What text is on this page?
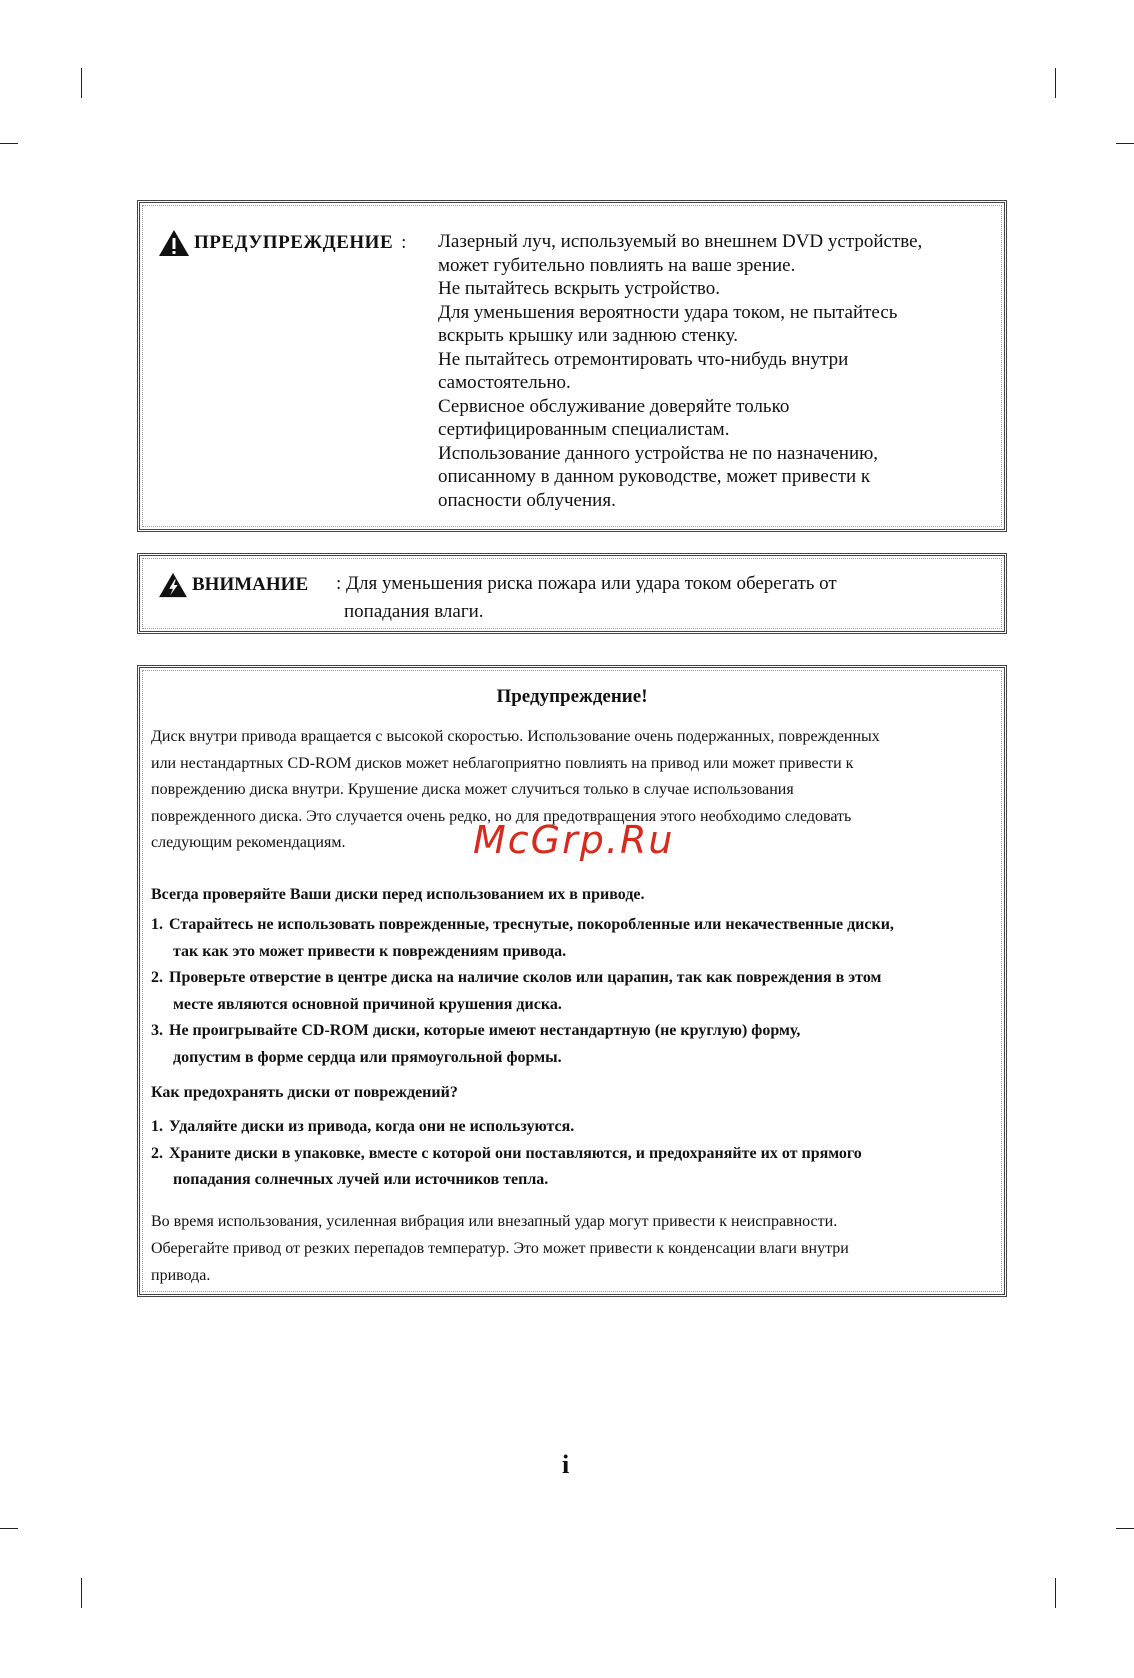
ПРЕДУПРЕЖДЕНИЕ : Лазерный луч, используемый во внешнем DVD устройстве,
может губительно повлиять на ваше зрение.
Не пытайтесь вскрыть устройство.
Для уменьшения вероятности удара током, не пытайтесь
вскрыть крышку или заднюю стенку.
Не пытайтесь отремонтировать что-нибудь внутри
самостоятельно.
Сервисное обслуживание доверяйте только
сертифицированным специалистам.
Использование данного устройства не по назначению,
описанному в данном руководстве, может привести к
опасности облучения.
ВНИМАНИЕ : Для уменьшения риска пожара или удара током оберегать от
попадания влаги.
Предупреждение!
Диск внутри привода вращается с высокой скоростью. Использование очень подержанных, поврежденных
или нестандартных CD-ROM дисков может неблагоприятно повлиять на привод или может привести к
повреждению диска внутри. Крушение диска может случиться только в случае использования
поврежденного диска. Это случается очень редко, но для предотвращения этого необходимо следовать
следующим рекомендациям.
Всегда проверяйте Ваши диски перед использованием их в приводе.
1. Старайтесь не использовать поврежденные, треснутые, покоробленные или некачественные диски,
так как это может привести к повреждениям привода.
2. Проверьте отверстие в центре диска на наличие сколов или царапин, так как повреждения в этом
месте являются основной причиной крушения диска.
3. Не проигрывайте CD-ROM диски, которые имеют нестандартную (не круглую) форму,
допустим в форме сердца или прямоугольной формы.
Как предохранять диски от повреждений?
1. Удаляйте диски из привода, когда они не используются.
2. Храните диски в упаковке, вместе с которой они поставляются, и предохраняйте их от прямого
попадания солнечных лучей или источников тепла.
Во время использования, усиленная вибрация или внезапный удар могут привести к неисправности.
Оберегайте привод от резких перепадов температур. Это может привести к конденсации влаги внутри
привода.
McGrp.Ru
i
